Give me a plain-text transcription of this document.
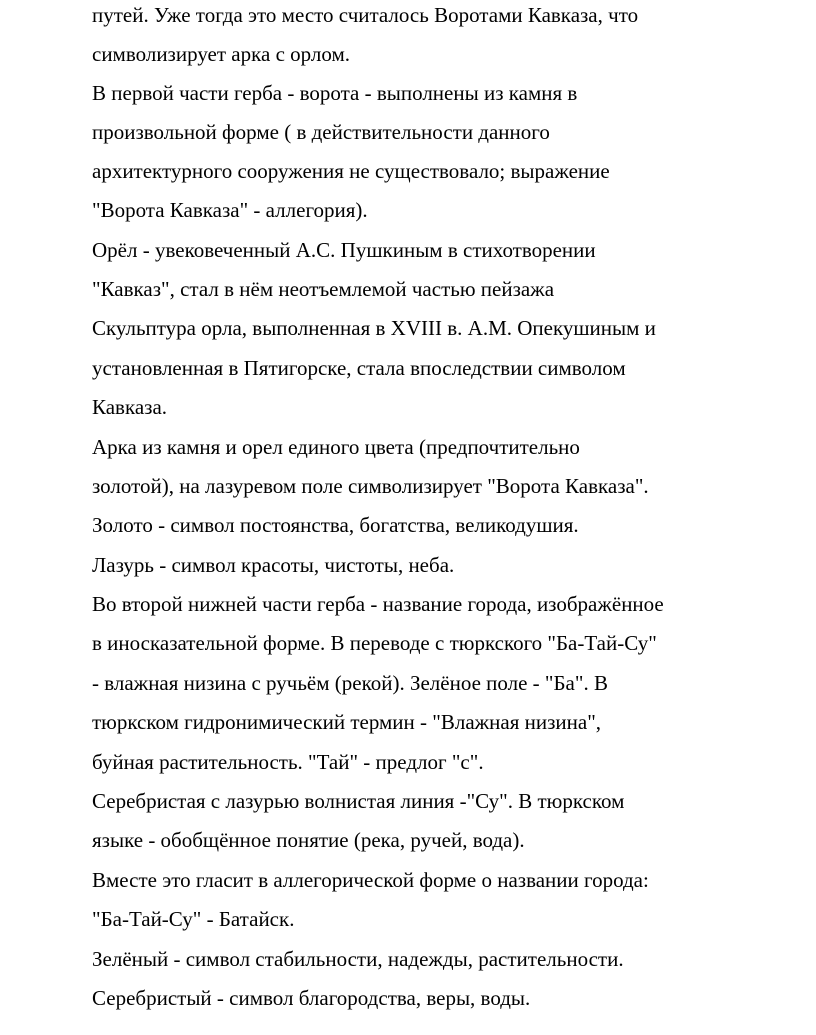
путей. Уже тогда это место считалось Воротами Кавказа, что
символизирует арка с орлом.
В первой части герба - ворота - выполнены из камня в
произвольной форме ( в действительности данного
архитектурного сооружения не существовало; выражение
"Ворота Кавказа" - аллегория).
Орёл - увековеченный А.С. Пушкиным в стихотворении
"Кавказ", стал в нём неотъемлемой частью пейзажа
Скульптура орла, выполненная в XVIII в. А.М. Опекушиным и
установленная в Пятигорске, стала впоследствии символом
Кавказа.
Арка из камня и орел единого цвета (предпочтительно
золотой), на лазуревом поле символизирует "Ворота Кавказа".
Золото - символ постоянства, богатства, великодушия.
Лазурь - символ красоты, чистоты, неба.
Во второй нижней части герба - название города, изображённое
в иносказательной форме. В переводе с тюркского "Ба-Тай-Су"
- влажная низина с ручьём (рекой). Зелёное поле - "Ба". В
тюркском гидронимический термин - "Влажная низина",
буйная растительность. "Тай" - предлог "с".
Серебристая с лазурью волнистая линия -"Су". В тюркском
языке - обобщённое понятие (река, ручей, вода).
Вместе это гласит в аллегорической форме о названии города:
"Ба-Тай-Су" - Батайск.
Зелёный - символ стабильности, надежды, растительности.
Серебристый - символ благородства, веры, воды.
